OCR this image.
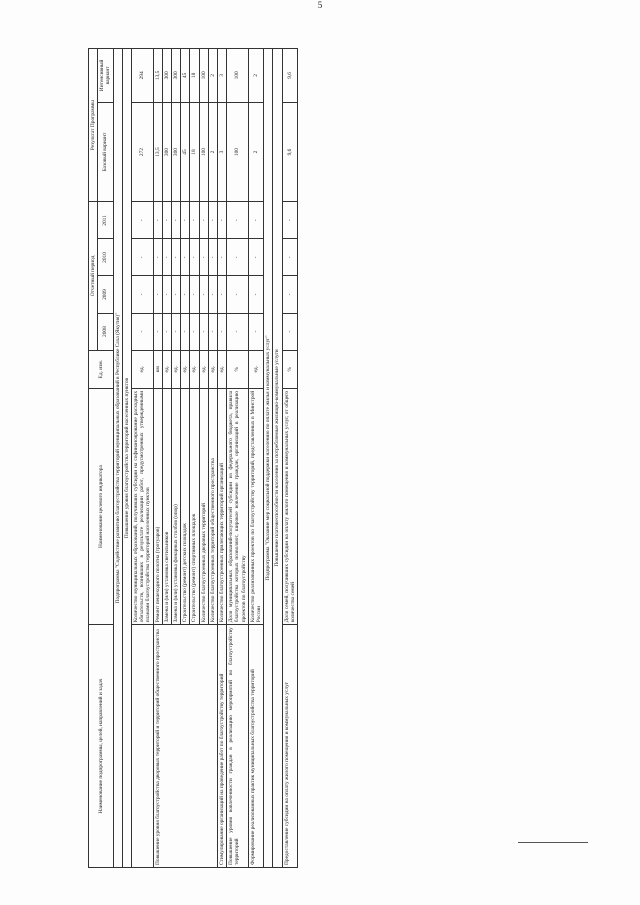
5
Наименование подпрограммы, целей, направлений и задач	Наименование целевого индикатора	Ед. изм.	Отчетный период				Результат Программы	
			2008	2009	2010	2011	Базовый вариант	Интенсивный вариант
Подпрограмма "Содействие развитию благоустройства территорий муниципальных образований в Республике Саха (Якутия)"								
Повышение уровня благоустройства территорий населенных пунктов								
	Количество муниципальных образований, получивших субсидии на софинансирование расходных обязательств, возникших в результате реализации работ, предусмотренных утвержденными планами благоустройства территорий населенных пунктов	ед.	-	-	-	-	272	294
Повышение уровня благоустройства дворовых территорий и территорий общественного пространства	Ремонт пешеходного полотна (тротуаров)	км	-	-	-	-	13,5	13,5
	Замена и (или) установка светильников	ед.	-	-	-	-	300	300
	Замена и (или) установка фонарных столбов (опор)	ед.	-	-	-	-	300	300
	Строительство (ремонт) детских площадок	ед.	-	-	-	-	45	45
	Строительство (ремонт) спортивных площадок	ед.	-	-	-	-	18	18
	Количество благоустроенных дворовых территорий	ед.	-	-	-	-	100	100
	Количество благоустроенных территорий общественного пространства	ед.	-	-	-	-	2	2
Стимулирование организаций на проведение работ по благоустройству территорий	Количество благоустроенных прилегающих территорий организаций	ед.	-	-	-	-	3	3
Повышение уровня вовлеченности граждан в реализацию мероприятий по благоустройству территорий	Доля муниципальных образований-получателей субсидии из федерального бюджета, правила благоустройства которых позволяют, широкое вовлечение граждан, организаций в реализацию проектов по благоустройству	%	-	-	-	-	100	100
Формирование реализованных практик муниципальных благоустройства территорий	Количество реализованных проектов по благоустройству территорий, представленных в Минстрой России	ед.	-	-	-	-	2	2
Подпрограмма "Оказание мер социальной поддержки населению по оплате жилья и коммунальных услуг"								
Повышение платежеспособности населения за потребляемые жилищно-коммунальные услуги								
Предоставление субсидии на оплату жилого помещения и коммунальных услуг	Доля семей, получивших субсидии на оплату жилого помещения и коммунальных услуг, от общего количества семей	%	-	-	-	-	9,6	9,6
